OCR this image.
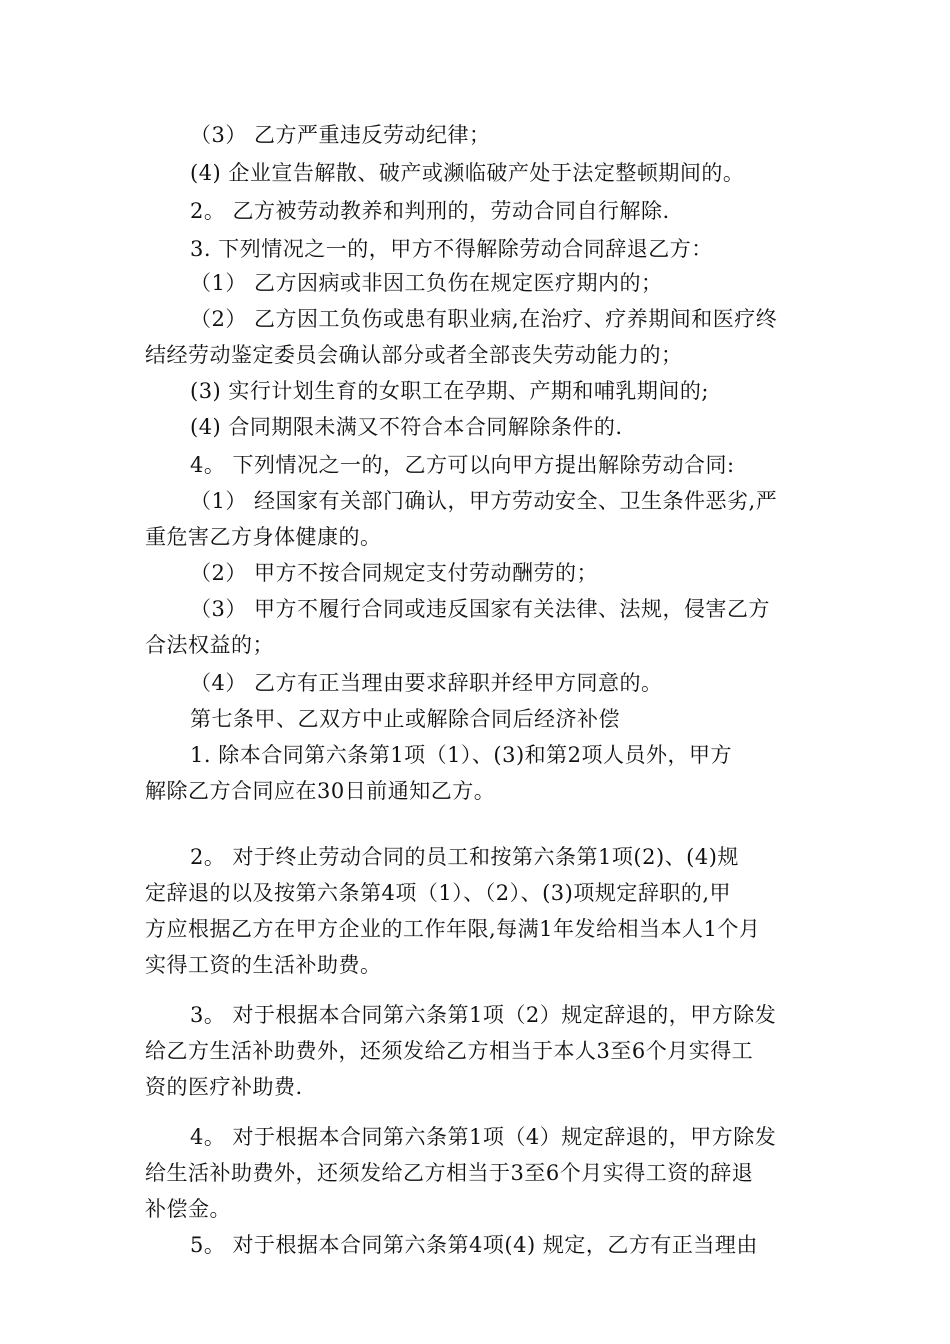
（3） 乙方严重违反劳动纪律；
(4) 企业宣告解散、破产或濒临破产处于法定整顿期间的。
2。 乙方被劳动教养和判刑的，劳动合同自行解除.
3. 下列情况之一的，甲方不得解除劳动合同辞退乙方：
（1） 乙方因病或非因工负伤在规定医疗期内的；
（2） 乙方因工负伤或患有职业病,在治疗、疗养期间和医疗终
结经劳动鉴定委员会确认部分或者全部丧失劳动能力的；
(3) 实行计划生育的女职工在孕期、产期和哺乳期间的;
(4) 合同期限未满又不符合本合同解除条件的.
4。 下列情况之一的，乙方可以向甲方提出解除劳动合同:
（1） 经国家有关部门确认，甲方劳动安全、卫生条件恶劣,严
重危害乙方身体健康的。
（2） 甲方不按合同规定支付劳动酬劳的；
（3） 甲方不履行合同或违反国家有关法律、法规，侵害乙方
合法权益的；
（4） 乙方有正当理由要求辞职并经甲方同意的。
第七条甲、乙双方中止或解除合同后经济补偿
1. 除本合同第六条第1项（1）、(3)和第2项人员外，甲方
解除乙方合同应在30日前通知乙方。
2。 对于终止劳动合同的员工和按第六条第1项(2)、(4)规
定辞退的以及按第六条第4项（1）、（2）、(3)项规定辞职的,甲
方应根据乙方在甲方企业的工作年限,每满1年发给相当本人1个月
实得工资的生活补助费。
3。 对于根据本合同第六条第1项（2）规定辞退的，甲方除发
给乙方生活补助费外，还须发给乙方相当于本人3至6个月实得工
资的医疗补助费.
4。 对于根据本合同第六条第1项（4）规定辞退的，甲方除发
给生活补助费外，还须发给乙方相当于3至6个月实得工资的辞退
补偿金。
5。 对于根据本合同第六条第4项(4) 规定，乙方有正当理由
